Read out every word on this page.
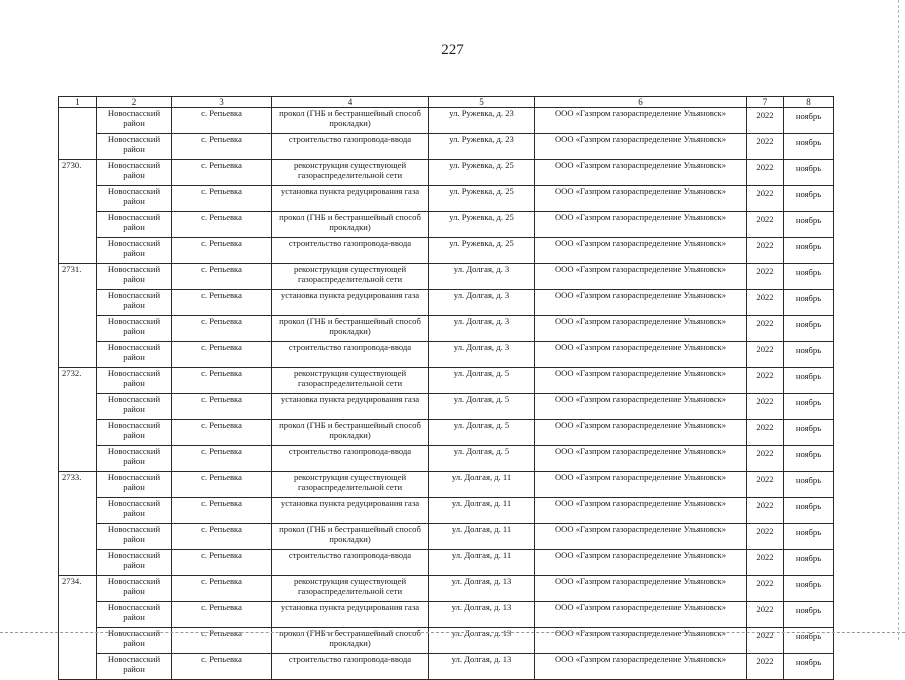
227
1	2	3	4	5	6	7	8
	Новоспасский район	с. Репьевка	прокол (ГНБ и бестраншейный способ прокладки)	ул. Ружевка, д. 23	ООО «Газпром газораспределение Ульяновск»	2022	ноябрь
	Новоспасский район	с. Репьевка	строительство газопровода-ввода	ул. Ружевка, д. 23	ООО «Газпром газораспределение Ульяновск»	2022	ноябрь
2730.	Новоспасский район	с. Репьевка	реконструкция существующей газораспределительной сети	ул. Ружевка, д. 25	ООО «Газпром газораспределение Ульяновск»	2022	ноябрь
	Новоспасский район	с. Репьевка	установка пункта редуцирования газа	ул. Ружевка, д. 25	ООО «Газпром газораспределение Ульяновск»	2022	ноябрь
	Новоспасский район	с. Репьевка	прокол (ГНБ и бестраншейный способ прокладки)	ул. Ружевка, д. 25	ООО «Газпром газораспределение Ульяновск»	2022	ноябрь
	Новоспасский район	с. Репьевка	строительство газопровода-ввода	ул. Ружевка, д. 25	ООО «Газпром газораспределение Ульяновск»	2022	ноябрь
2731.	Новоспасский район	с. Репьевка	реконструкция существующей газораспределительной сети	ул. Долгая, д. 3	ООО «Газпром газораспределение Ульяновск»	2022	ноябрь
	Новоспасский район	с. Репьевка	установка пункта редуцирования газа	ул. Долгая, д. 3	ООО «Газпром газораспределение Ульяновск»	2022	ноябрь
	Новоспасский район	с. Репьевка	прокол (ГНБ и бестраншейный способ прокладки)	ул. Долгая, д. 3	ООО «Газпром газораспределение Ульяновск»	2022	ноябрь
	Новоспасский район	с. Репьевка	строительство газопровода-ввода	ул. Долгая, д. 3	ООО «Газпром газораспределение Ульяновск»	2022	ноябрь
2732.	Новоспасский район	с. Репьевка	реконструкция существующей газораспределительной сети	ул. Долгая, д. 5	ООО «Газпром газораспределение Ульяновск»	2022	ноябрь
	Новоспасский район	с. Репьевка	установка пункта редуцирования газа	ул. Долгая, д. 5	ООО «Газпром газораспределение Ульяновск»	2022	ноябрь
	Новоспасский район	с. Репьевка	прокол (ГНБ и бестраншейный способ прокладки)	ул. Долгая, д. 5	ООО «Газпром газораспределение Ульяновск»	2022	ноябрь
	Новоспасский район	с. Репьевка	строительство газопровода-ввода	ул. Долгая, д. 5	ООО «Газпром газораспределение Ульяновск»	2022	ноябрь
2733.	Новоспасский район	с. Репьевка	реконструкция существующей газораспределительной сети	ул. Долгая, д. 11	ООО «Газпром газораспределение Ульяновск»	2022	ноябрь
	Новоспасский район	с. Репьевка	установка пункта редуцирования газа	ул. Долгая, д. 11	ООО «Газпром газораспределение Ульяновск»	2022	ноябрь
	Новоспасский район	с. Репьевка	прокол (ГНБ и бестраншейный способ прокладки)	ул. Долгая, д. 11	ООО «Газпром газораспределение Ульяновск»	2022	ноябрь
	Новоспасский район	с. Репьевка	строительство газопровода-ввода	ул. Долгая, д. 11	ООО «Газпром газораспределение Ульяновск»	2022	ноябрь
2734.	Новоспасский район	с. Репьевка	реконструкция существующей газораспределительной сети	ул. Долгая, д. 13	ООО «Газпром газораспределение Ульяновск»	2022	ноябрь
	Новоспасский район	с. Репьевка	установка пункта редуцирования газа	ул. Долгая, д. 13	ООО «Газпром газораспределение Ульяновск»	2022	ноябрь
	Новоспасский район	с. Репьевка	прокол (ГНБ и бестраншейный способ прокладки)	ул. Долгая, д. 13	ООО «Газпром газораспределение Ульяновск»	2022	ноябрь
	Новоспасский район	с. Репьевка	строительство газопровода-ввода	ул. Долгая, д. 13	ООО «Газпром газораспределение Ульяновск»	2022	ноябрь
